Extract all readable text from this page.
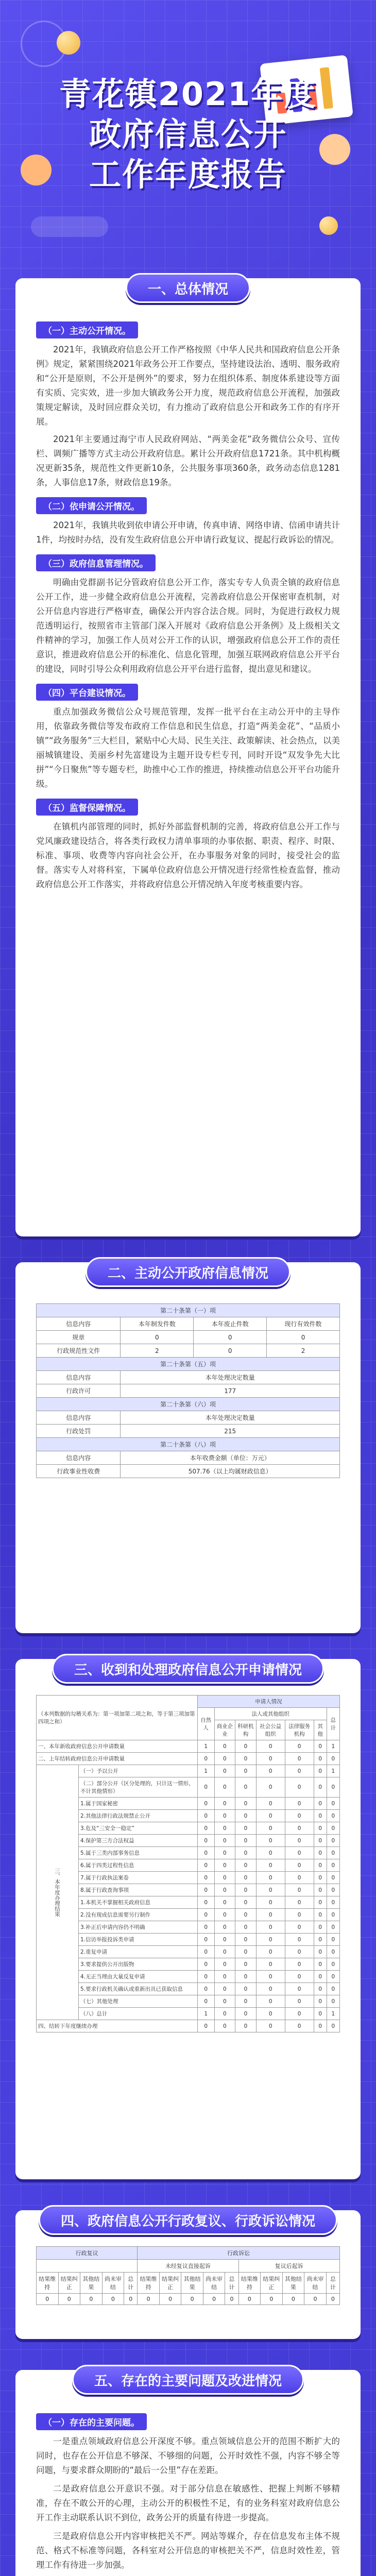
青花镇2021年度
政府信息公开
工作年度报告
一、总体情况
（一）主动公开情况。

2021年，我镇政府信息公开工作严格按照《中华人民共和国政府信息公开条例》规定，紧紧围绕2021年政务公开工作要点，坚持建设法治、透明、服务政府和“公开是原则，不公开是例外”的要求，努力在组织体系、制度体系建设等方面有实质、完实效，进一步加大镇政务公开力度，规范政府信息公开流程，加强政策规定解读，及时回应群众关切，有力推动了政府信息公开和政务工作的有序开展。

2021年主要通过海宁市人民政府网站、“两美金花”政务微信公众号、宣传栏、调频广播等方式主动公开政府信息。累计公开政府信息1721条。其中机构概况更新35条，规范性文件更新10条，公共服务事项360条，政务动态信息1281条，人事信息17条，财政信息19条。

（二）依申请公开情况。

2021年，我镇共收到依申请公开申请，传真申请、网络申请、信函申请共计1件，均按时办结，没有发生政府信息公开申请行政复议、提起行政诉讼的情况。

（三）政府信息管理情况。

明确由党群副书记分管政府信息公开工作，落实专专人负责全镇的政府信息公开工作，进一步健全政府信息公开流程，完善政府信息公开保密审查机制，对公开信息内容进行严格审查，确保公开内容合法合规。同时，为促进行政权力规范透明运行，按照省市主管部门深入开展对《政府信息公开条例》及上级相关文件精神的学习，加强工作人员对公开工作的认识，增强政府信息公开工作的责任意识，推进政府信息公开的标准化、信息化管理，加强互联网政府信息公开平台的建设，同时引导公众利用政府信息公开平台进行监督，提出意见和建议。

（四）平台建设情况。

重点加强政务微信公众号规范管理，发挥一批平台在主动公开中的主导作用，依靠政务微信等发布政府工作信息和民生信息，打造“两美金花”、“品质小镇”“政务服务”三大栏目，紧贴中心大局、民生关注、政策解读、社会热点，以美丽城镇建设、美丽乡村先富建设为主题开设专栏专刊，同时开设“双发争先大比拼”“今日聚焦”等专题专栏，助推中心工作的推进，持续推动信息公开平台功能升级。

（五）监督保障情况。

在镇机内部管理的同时，抓好外部监督机制的完善，将政府信息公开工作与党风廉政建设结合，将各类行政权力清单事项的办事依据、职责、程序、时限、标准、事项、收费等内容向社会公开，在办事服务对象的同时，接受社会的监督。落实专人对将科室，下属单位政府信息公开情况进行经常性检查监督，推动政府信息公开工作落实，并将政府信息公开情况纳入年度考核重要内容。

二、主动公开政府信息情况
第二十条第（一）项			
信息内容	本年制发件数	本年废止件数	现行有效件数
规章	0	0	0
行政规范性文件	2	0	2
第二十条第（五）项			
信息内容	本年处理决定数量		
行政许可	177		
第二十条第（六）项			
信息内容	本年处理决定数量		
行政处罚	215		
第二十条第（八）项			
信息内容	本年收费金额（单位：万元）		
行政事业性收费	507.76（以上均属财政信息）		
三、收到和处理政府信息公开申请情况
（本列数据的勾稽关系为：第一项加第二项之和，等于第三项加第四项之和）		申请人情况						
		自然人	法人或其他组织					总计
			商业企业	科研机构	社会公益组织	法律服务机构	其他	
一、本年新收政府信息公开申请数量		1	0	0	0	0	0	1
二、上年结转政府信息公开申请数量		0	0	0	0	0	0	0
三、本年度办理结果	（一）予以公开	1	0	0	0	0	0	1
	（二）部分公开（区分处理的，只计这一情形，不计其他情形）	0	0	0	0	0	0	0
	1.属于国家秘密	0	0	0	0	0	0	0
	2.其他法律行政法规禁止公开	0	0	0	0	0	0	0
	3.危及“三安全一稳定”	0	0	0	0	0	0	0
	4.保护第三方合法权益	0	0	0	0	0	0	0
	5.属于三类内部事务信息	0	0	0	0	0	0	0
	6.属于四类过程性信息	0	0	0	0	0	0	0
	7.属于行政执法案卷	0	0	0	0	0	0	0
	8.属于行政查询事项	0	0	0	0	0	0	0
	1.本机关不掌握相关政府信息	0	0	0	0	0	0	0
	2.没有现成信息需要另行制作	0	0	0	0	0	0	0
	3.补正后申请内容仍不明确	0	0	0	0	0	0	0
	1.信访举报投诉类申请	0	0	0	0	0	0	0
	2.重复申请	0	0	0	0	0	0	0
	3.要求提供公开出版物	0	0	0	0	0	0	0
	4.无正当理由大量反复申请	0	0	0	0	0	0	0
	5.要求行政机关确认或重新出具已获取信息	0	0	0	0	0	0	0
	（七）其他处理	0	0	0	0	0	0	0
	（八）总计	1	0	0	0	0	0	1
四、结转下年度继续办理		0	0	0	0	0	0	0
四、政府信息公开行政复议、行政诉讼情况
行政复议					行政诉讼									
					未经复议直接起诉					复议后起诉				
结果维持	结果纠正	其他结果	尚未审结	总计	结果维持	结果纠正	其他结果	尚未审结	总计	结果维持	结果纠正	其他结果	尚未审结	总计
0	0	0	0	0	0	0	0	0	0	0	0	0	0	0
五、存在的主要问题及改进情况
（一）存在的主要问题。

一是重点领域政府信息公开深度不够。重点领域信息公开的范围不断扩大的同时，也存在公开信息不够深、不够细的问题，公开时效性不强，内容不够全等问题，与要求群众期盼的“最后一公里”存在差距。

二是政府信息公开意识不强。对于部分信息在敏感性、把握上判断不够精准，存在不敢公开的心理，主动公开的积极性不足，有的业务科室对政府信息公开工作主动联系认识不到位，政务公开的质量有待进一步提高。

三是政府信息公开内容审核把关不严。网站等媒介，存在信息发布主体不规范、格式不标准等问题，各科室对公开信息的审核把关不严，信息时效性差，管理工作有待进一步加强。
